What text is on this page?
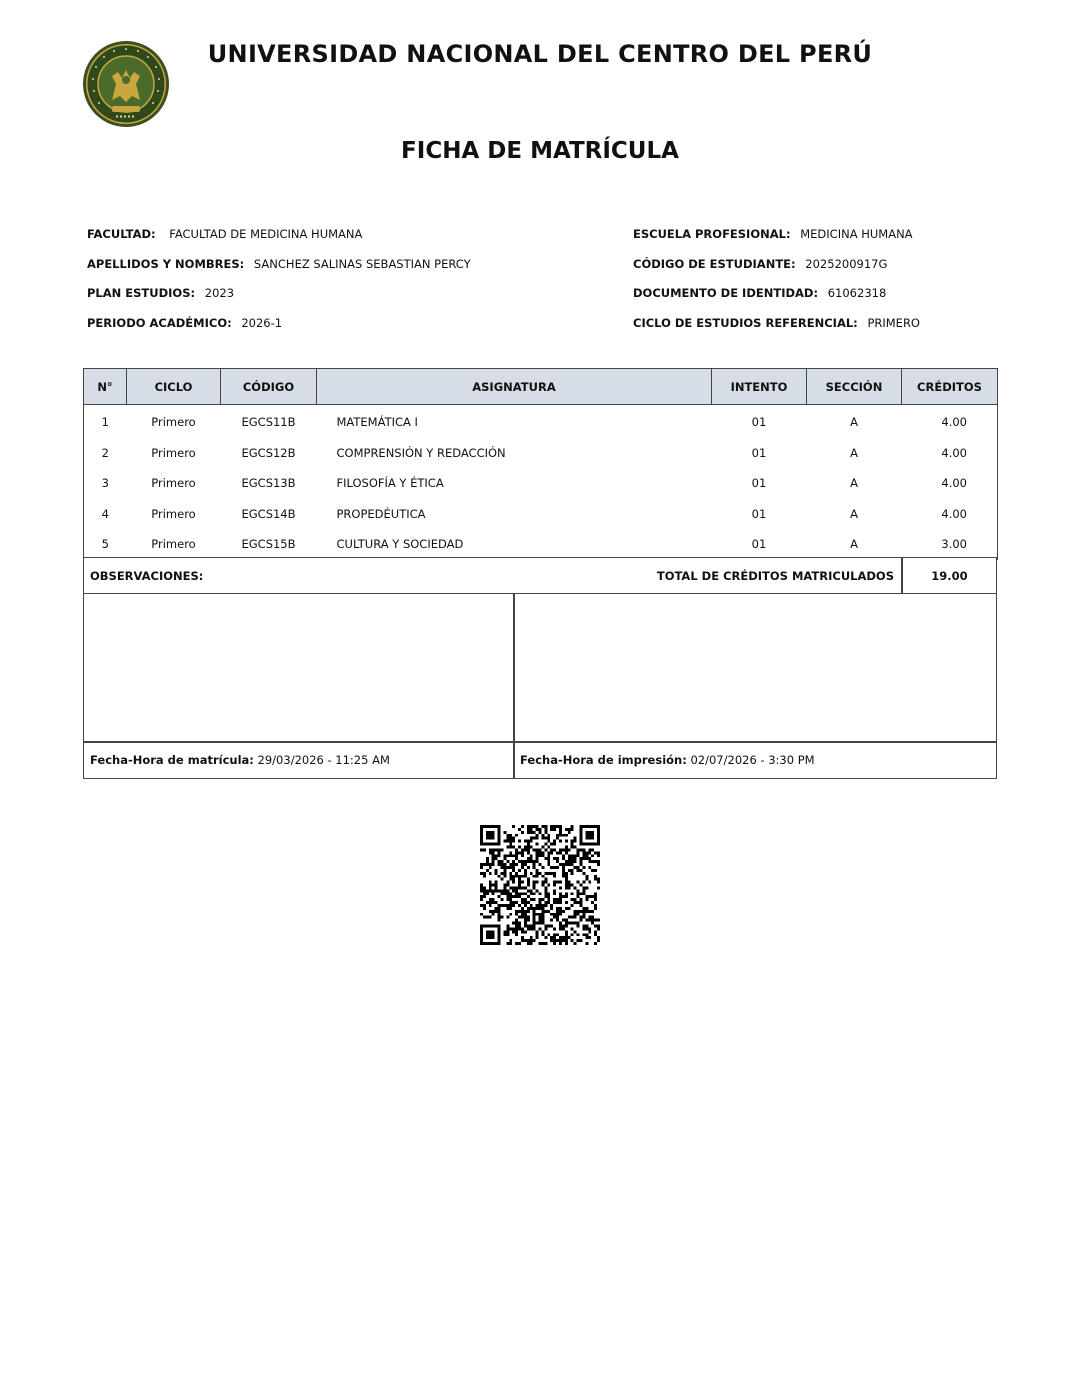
UNIVERSIDAD NACIONAL DEL CENTRO DEL PERÚ
FICHA DE MATRÍCULA
FACULTAD: FACULTAD DE MEDICINA HUMANA
APELLIDOS Y NOMBRES: SANCHEZ SALINAS SEBASTIAN PERCY
PLAN ESTUDIOS: 2023
PERIODO ACADÉMICO: 2026-1
ESCUELA PROFESIONAL: MEDICINA HUMANA
CÓDIGO DE ESTUDIANTE: 2025200917G
DOCUMENTO DE IDENTIDAD: 61062318
CICLO DE ESTUDIOS REFERENCIAL: PRIMERO
N°	CICLO	CÓDIGO	ASIGNATURA	INTENTO	SECCIÓN	CRÉDITOS
1	Primero	EGCS11B	MATEMÁTICA I	01	A	4.00
2	Primero	EGCS12B	COMPRENSIÓN Y REDACCIÓN	01	A	4.00
3	Primero	EGCS13B	FILOSOFÍA Y ÉTICA	01	A	4.00
4	Primero	EGCS14B	PROPEDÉUTICA	01	A	4.00
5	Primero	EGCS15B	CULTURA Y SOCIEDAD	01	A	3.00
OBSERVACIONES:	TOTAL DE CRÉDITOS MATRICULADOS	19.00
Fecha-Hora de matrícula: 29/03/2026 - 11:25 AM	Fecha-Hora de impresión: 02/07/2026 - 3:30 PM
